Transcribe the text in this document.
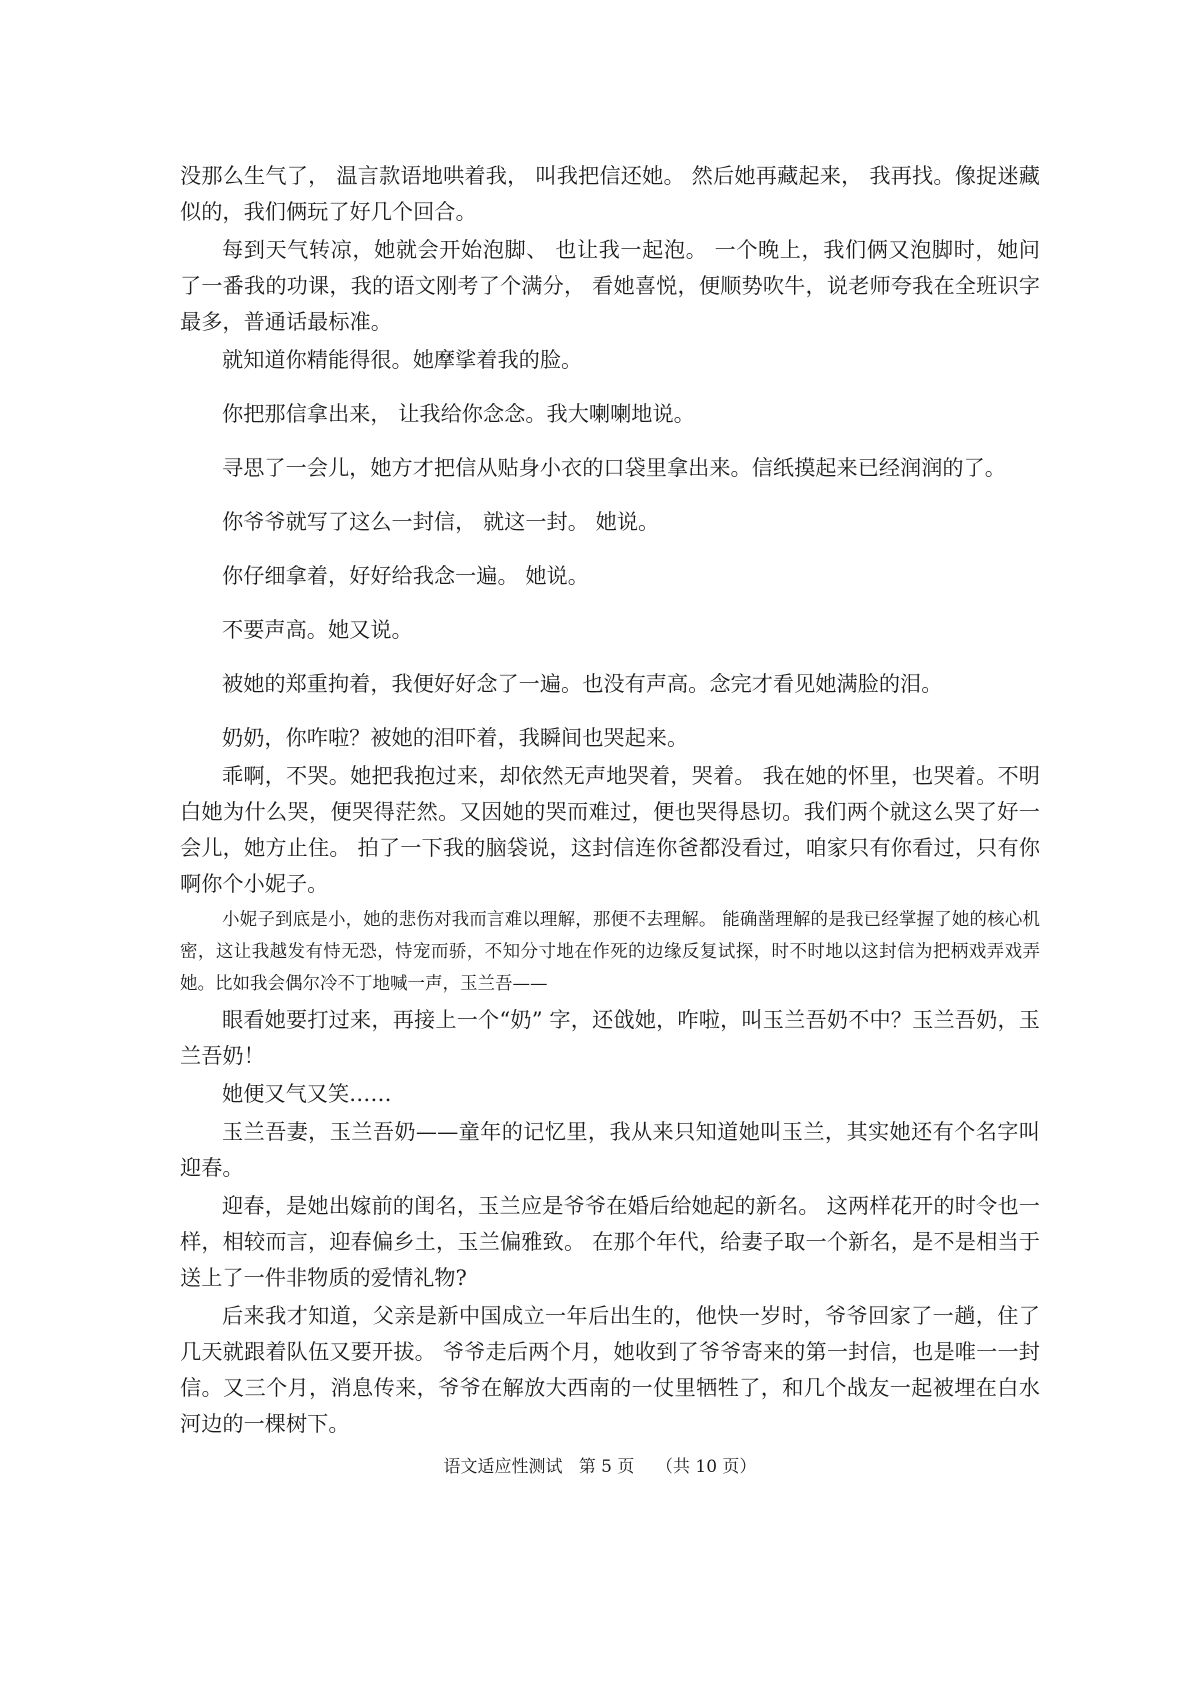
没那么生气了， 温言款语地哄着我， 叫我把信还她。 然后她再藏起来， 我再找。像捉迷藏似的，我们俩玩了好几个回合。

每到天气转凉，她就会开始泡脚、 也让我一起泡。 一个晚上，我们俩又泡脚时，她问了一番我的功课，我的语文刚考了个满分， 看她喜悦，便顺势吹牛，说老师夸我在全班识字最多，普通话最标准。

就知道你精能得很。她摩挲着我的脸。

你把那信拿出来， 让我给你念念。我大喇喇地说。

寻思了一会儿，她方才把信从贴身小衣的口袋里拿出来。信纸摸起来已经润润的了。

你爷爷就写了这么一封信， 就这一封。 她说。

你仔细拿着，好好给我念一遍。 她说。

不要声高。她又说。

被她的郑重拘着，我便好好念了一遍。也没有声高。念完才看见她满脸的泪。

奶奶，你咋啦？被她的泪吓着，我瞬间也哭起来。

乖啊，不哭。她把我抱过来，却依然无声地哭着，哭着。 我在她的怀里，也哭着。不明白她为什么哭，便哭得茫然。又因她的哭而难过，便也哭得恳切。我们两个就这么哭了好一会儿，她方止住。 拍了一下我的脑袋说，这封信连你爸都没看过，咱家只有你看过，只有你啊你个小妮子。

小妮子到底是小，她的悲伤对我而言难以理解，那便不去理解。 能确凿理解的是我已经掌握了她的核心机密，这让我越发有恃无恐，恃宠而骄，不知分寸地在作死的边缘反复试探，时不时地以这封信为把柄戏弄戏弄她。比如我会偶尔冷不丁地喊一声，玉兰吾——

眼看她要打过来，再接上一个“奶” 字，还戗她，咋啦，叫玉兰吾奶不中？玉兰吾奶，玉兰吾奶！

她便又气又笑……

玉兰吾妻，玉兰吾奶——童年的记忆里，我从来只知道她叫玉兰，其实她还有个名字叫迎春。

迎春，是她出嫁前的闺名，玉兰应是爷爷在婚后给她起的新名。 这两样花开的时令也一样，相较而言，迎春偏乡土，玉兰偏雅致。 在那个年代，给妻子取一个新名，是不是相当于送上了一件非物质的爱情礼物?

后来我才知道，父亲是新中国成立一年后出生的，他快一岁时，爷爷回家了一趟，住了几天就跟着队伍又要开拔。 爷爷走后两个月，她收到了爷爷寄来的第一封信，也是唯一一封信。又三个月，消息传来，爷爷在解放大西南的一仗里牺牲了，和几个战友一起被埋在白水河边的一棵树下。

语文适应性测试   第 5 页    （共 10 页）
